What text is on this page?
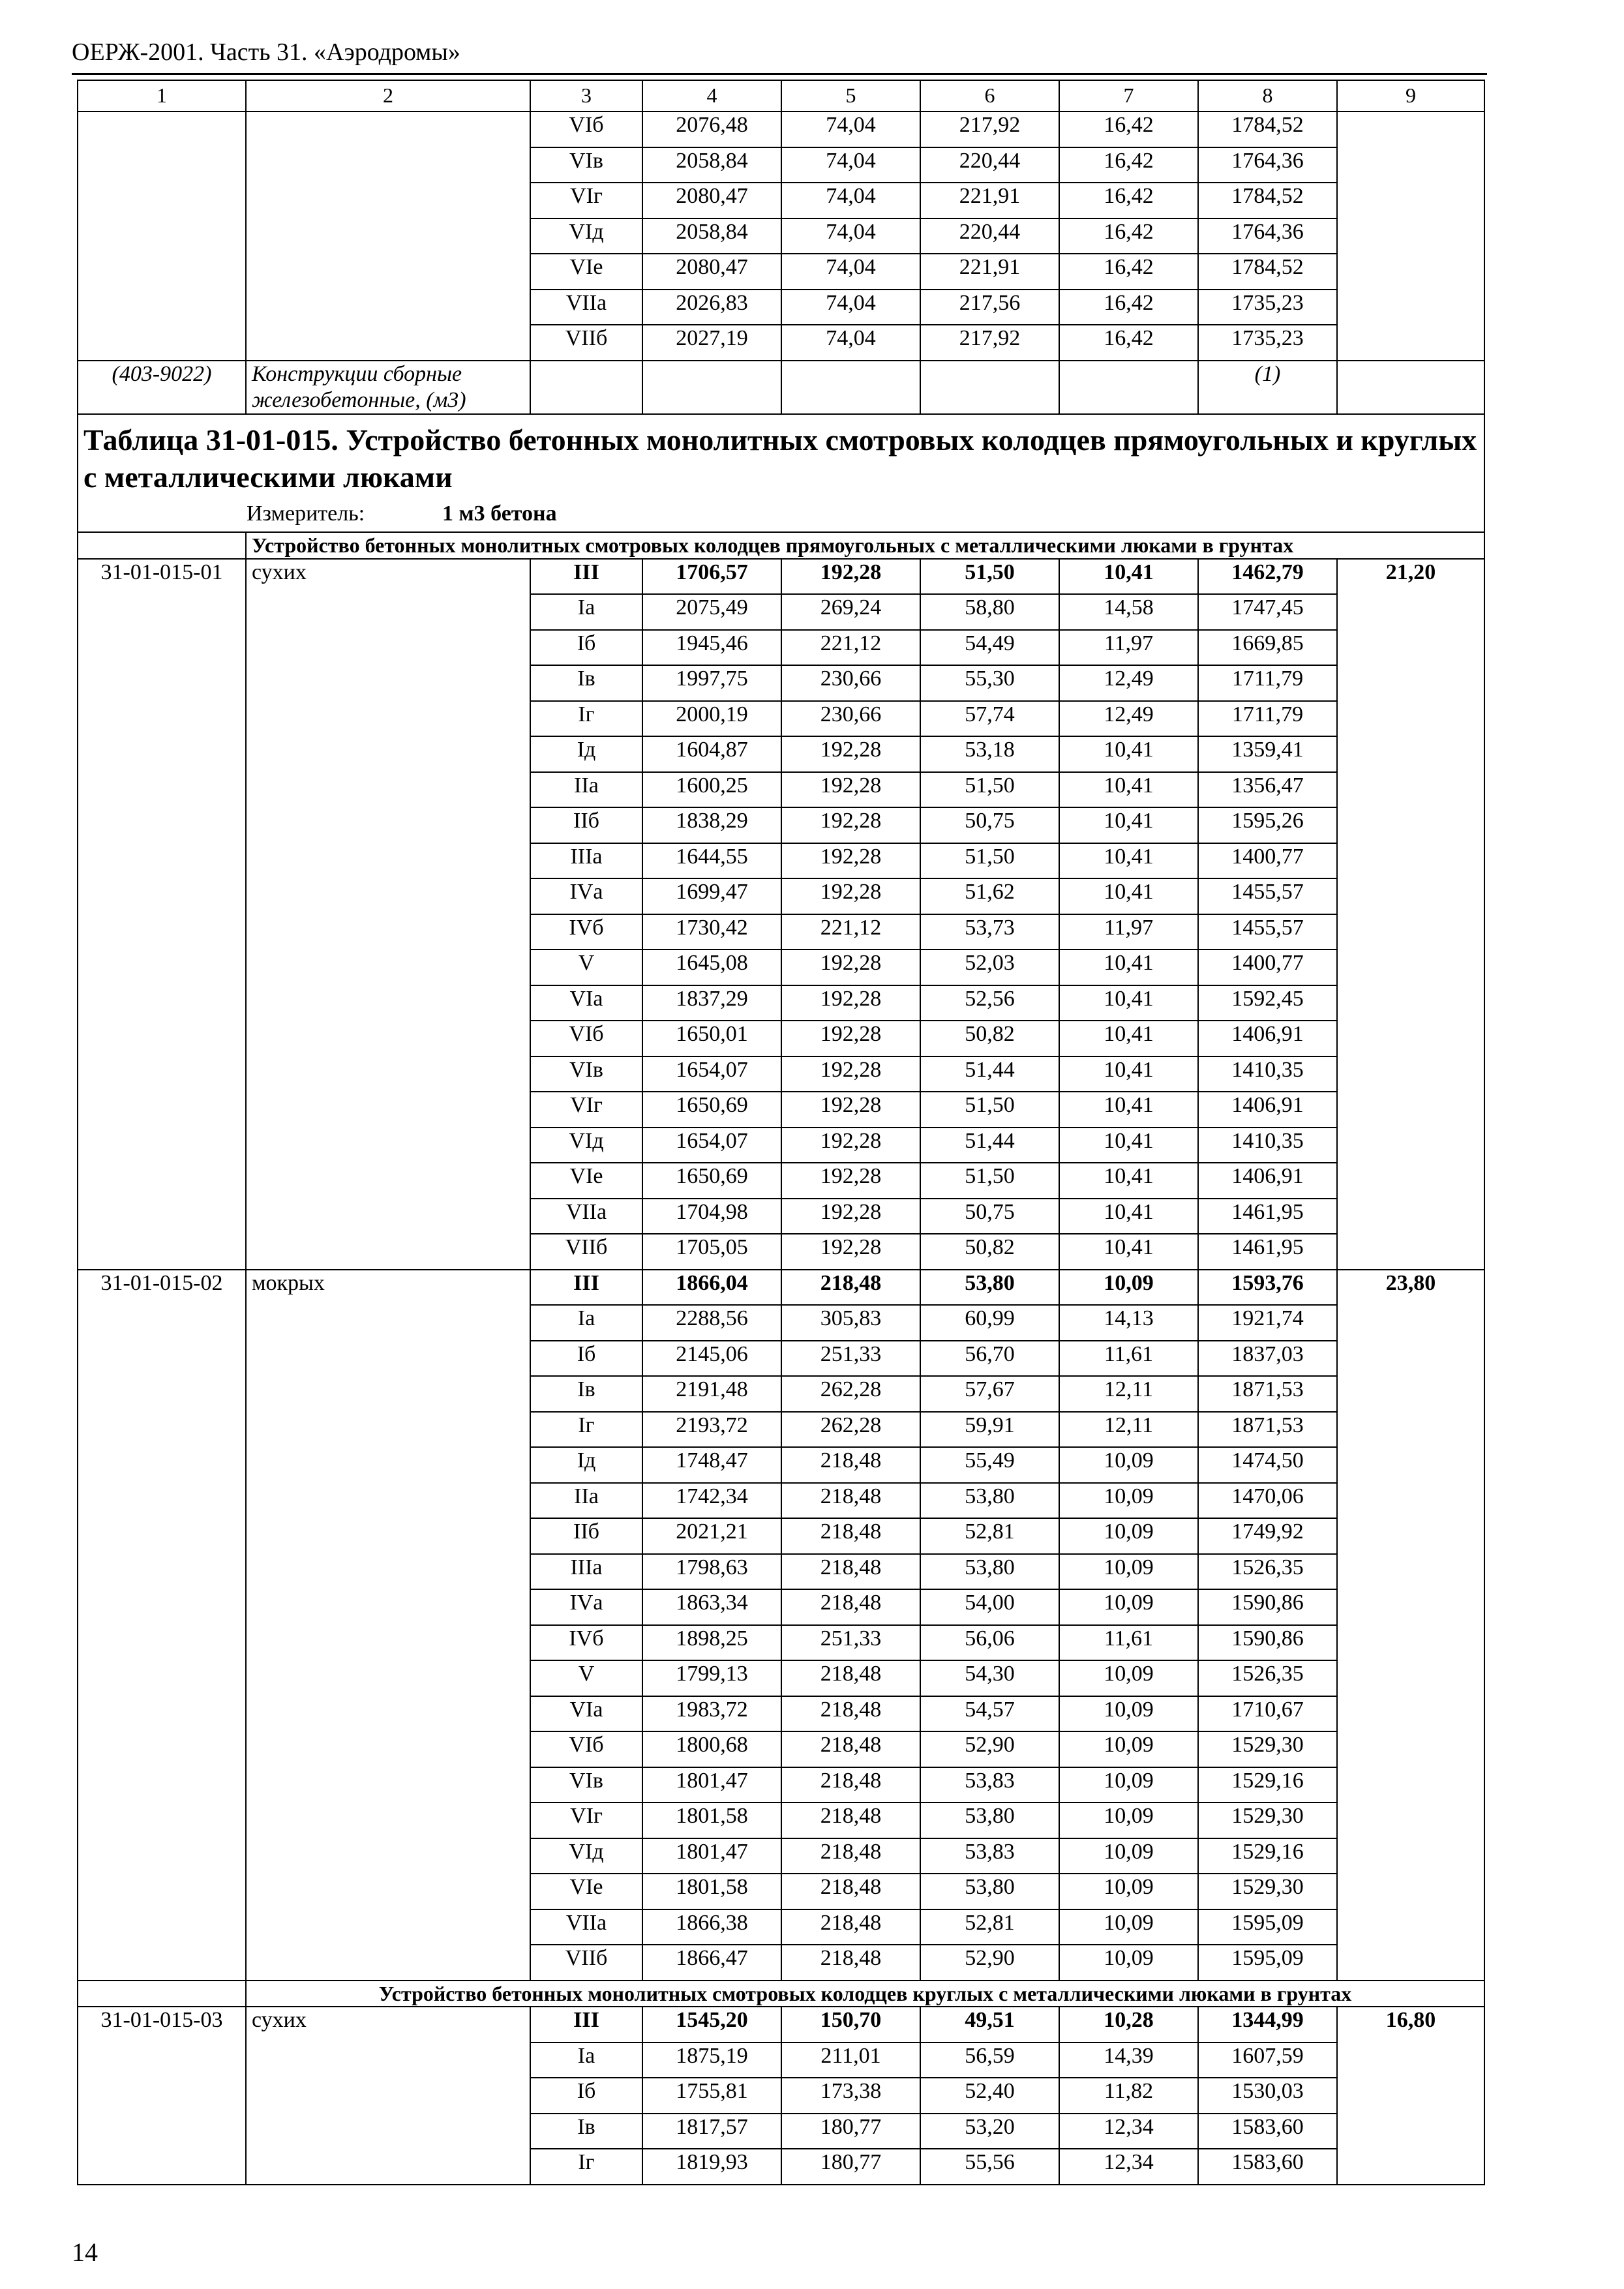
ОЕРЖ-2001. Часть 31. «Аэродромы»
1	2	3	4	5	6	7	8	9
		VIб	2076,48	74,04	217,92	16,42	1784,52	
		VIв	2058,84	74,04	220,44	16,42	1764,36	
		VIг	2080,47	74,04	221,91	16,42	1784,52	
		VIд	2058,84	74,04	220,44	16,42	1764,36	
		VIе	2080,47	74,04	221,91	16,42	1784,52	
		VIIа	2026,83	74,04	217,56	16,42	1735,23	
		VIIб	2027,19	74,04	217,92	16,42	1735,23	
(403-9022)	Конструкции сборные железобетонные, (м3)						(1)	

Таблица 31-01-015. Устройство бетонных монолитных смотровых колодцев прямоугольных и круглых с металлическими люками
Измеритель: 1 м3 бетона								

	Устройство бетонных монолитных смотровых колодцев прямоугольных с металлическими люками в грунтах							
31-01-015-01	сухих	III	1706,57	192,28	51,50	10,41	1462,79	21,20
		Iа	2075,49	269,24	58,80	14,58	1747,45	
		Iб	1945,46	221,12	54,49	11,97	1669,85	
		Iв	1997,75	230,66	55,30	12,49	1711,79	
		Iг	2000,19	230,66	57,74	12,49	1711,79	
		Iд	1604,87	192,28	53,18	10,41	1359,41	
		IIа	1600,25	192,28	51,50	10,41	1356,47	
		IIб	1838,29	192,28	50,75	10,41	1595,26	
		IIIа	1644,55	192,28	51,50	10,41	1400,77	
		IVа	1699,47	192,28	51,62	10,41	1455,57	
		IVб	1730,42	221,12	53,73	11,97	1455,57	
		V	1645,08	192,28	52,03	10,41	1400,77	
		VIа	1837,29	192,28	52,56	10,41	1592,45	
		VIб	1650,01	192,28	50,82	10,41	1406,91	
		VIв	1654,07	192,28	51,44	10,41	1410,35	
		VIг	1650,69	192,28	51,50	10,41	1406,91	
		VIд	1654,07	192,28	51,44	10,41	1410,35	
		VIе	1650,69	192,28	51,50	10,41	1406,91	
		VIIа	1704,98	192,28	50,75	10,41	1461,95	
		VIIб	1705,05	192,28	50,82	10,41	1461,95	
31-01-015-02	мокрых	III	1866,04	218,48	53,80	10,09	1593,76	23,80
		Iа	2288,56	305,83	60,99	14,13	1921,74	
		Iб	2145,06	251,33	56,70	11,61	1837,03	
		Iв	2191,48	262,28	57,67	12,11	1871,53	
		Iг	2193,72	262,28	59,91	12,11	1871,53	
		Iд	1748,47	218,48	55,49	10,09	1474,50	
		IIа	1742,34	218,48	53,80	10,09	1470,06	
		IIб	2021,21	218,48	52,81	10,09	1749,92	
		IIIа	1798,63	218,48	53,80	10,09	1526,35	
		IVа	1863,34	218,48	54,00	10,09	1590,86	
		IVб	1898,25	251,33	56,06	11,61	1590,86	
		V	1799,13	218,48	54,30	10,09	1526,35	
		VIа	1983,72	218,48	54,57	10,09	1710,67	
		VIб	1800,68	218,48	52,90	10,09	1529,30	
		VIв	1801,47	218,48	53,83	10,09	1529,16	
		VIг	1801,58	218,48	53,80	10,09	1529,30	
		VIд	1801,47	218,48	53,83	10,09	1529,16	
		VIе	1801,58	218,48	53,80	10,09	1529,30	
		VIIа	1866,38	218,48	52,81	10,09	1595,09	
		VIIб	1866,47	218,48	52,90	10,09	1595,09	
	Устройство бетонных монолитных смотровых колодцев круглых с металлическими люками в грунтах							
31-01-015-03	сухих	III	1545,20	150,70	49,51	10,28	1344,99	16,80
		Iа	1875,19	211,01	56,59	14,39	1607,59	
		Iб	1755,81	173,38	52,40	11,82	1530,03	
		Iв	1817,57	180,77	53,20	12,34	1583,60	
		Iг	1819,93	180,77	55,56	12,34	1583,60	
14
